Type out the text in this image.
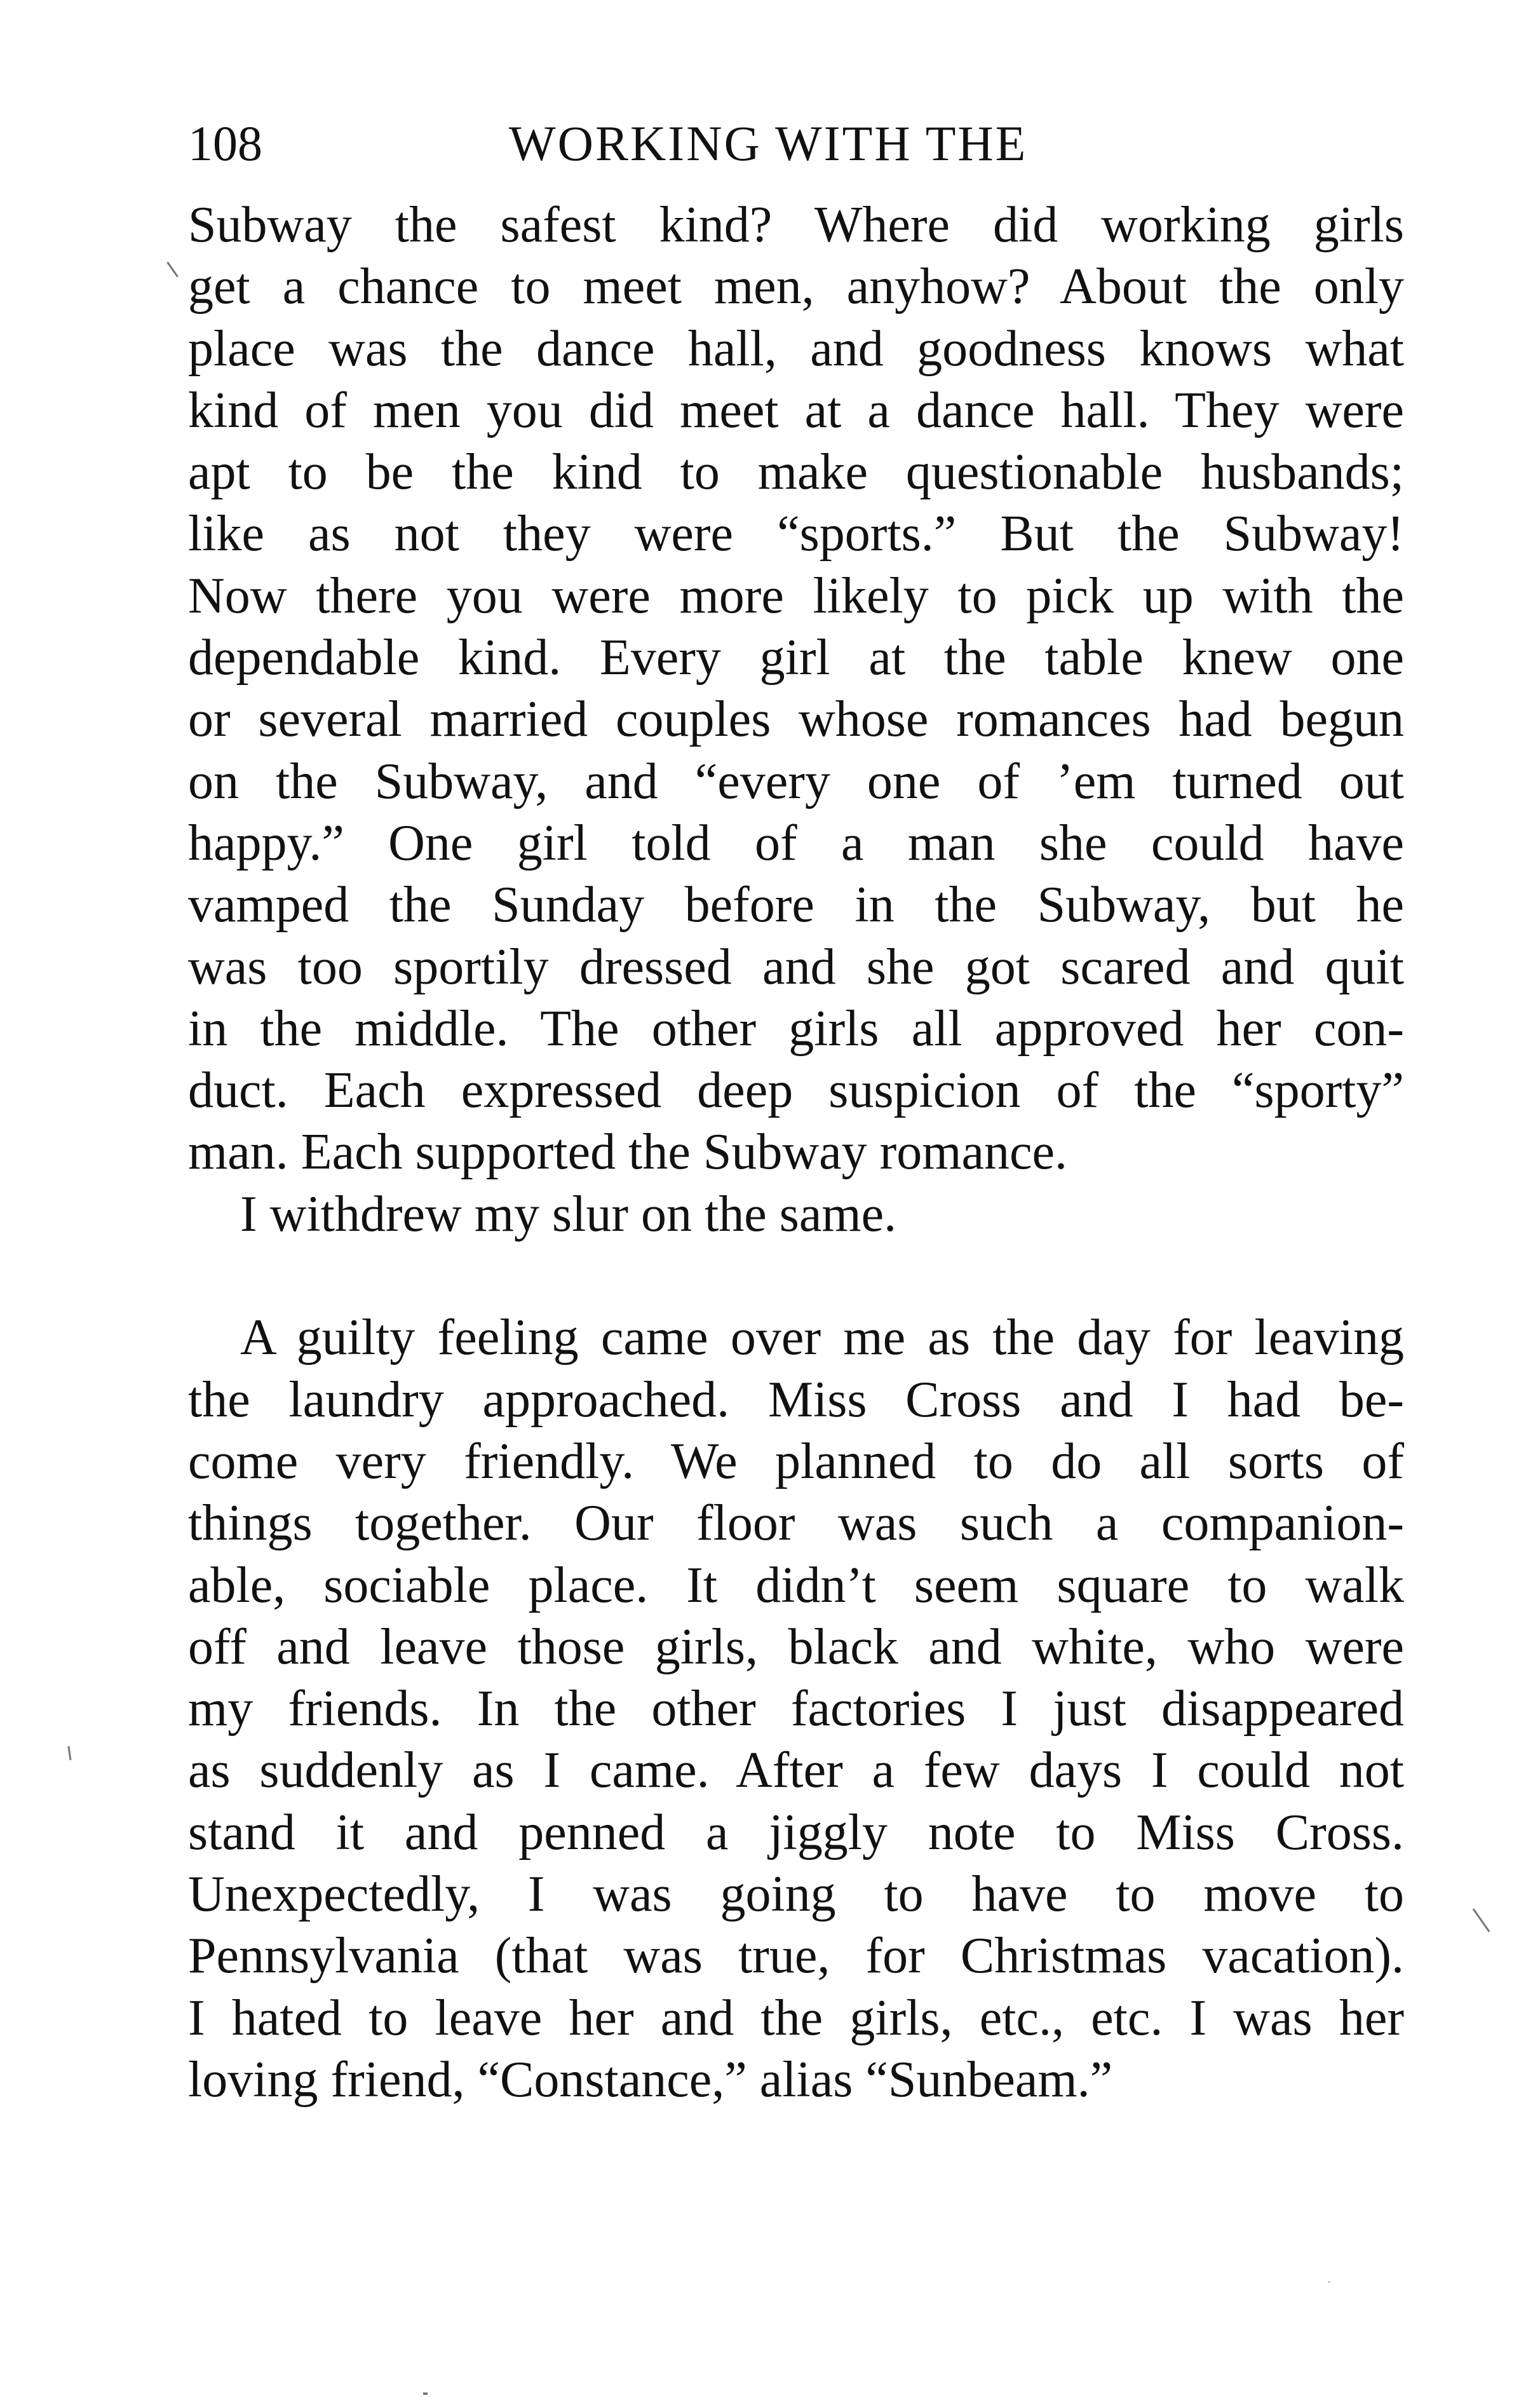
108	WORKING WITH THE
Subway the safest kind? Where did working girls
get a chance to meet men, anyhow? About the only
place was the dance hall, and goodness knows what
kind of men you did meet at a dance hall. They were
apt to be the kind to make questionable husbands;
like as not they were “sports.” But the Subway!
Now there you were more likely to pick up with the
dependable kind. Every girl at the table knew one
or several married couples whose romances had begun
on the Subway, and “every one of ’em turned out
happy.” One girl told of a man she could have
vamped the Sunday before in the Subway, but he
was too sportily dressed and she got scared and quit
in the middle. The other girls all approved her con-
duct. Each expressed deep suspicion of the “sporty”
man. Each supported the Subway romance.
I withdrew my slur on the same.
A guilty feeling came over me as the day for leaving
the laundry approached. Miss Cross and I had be-
come very friendly. We planned to do all sorts of
things together. Our floor was such a companion-
able, sociable place. It didn’t seem square to walk
off and leave those girls, black and white, who were
my friends. In the other factories I just disappeared
as suddenly as I came. After a few days I could not
stand it and penned a jiggly note to Miss Cross.
Unexpectedly, I was going to have to move to
Pennsylvania (that was true, for Christmas vacation).
I hated to leave her and the girls, etc., etc. I was her
loving friend, “Constance,” alias “Sunbeam.”
